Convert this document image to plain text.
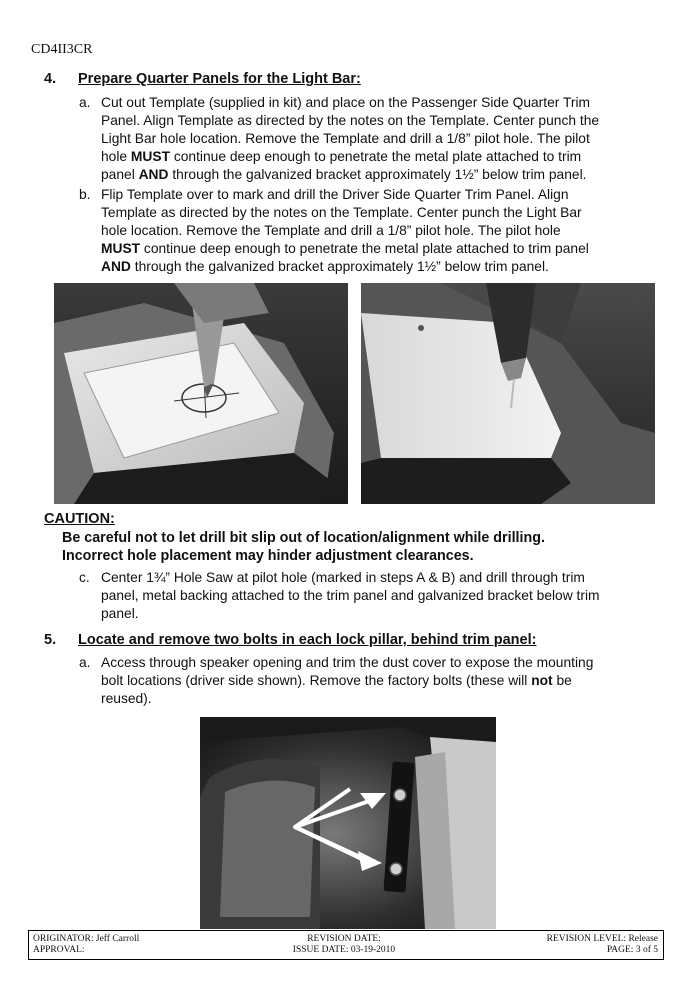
CD4II3CR
4. Prepare Quarter Panels for the Light Bar:
a. Cut out Template (supplied in kit) and place on the Passenger Side Quarter Trim
Panel. Align Template as directed by the notes on the Template. Center punch the
Light Bar hole location. Remove the Template and drill a 1/8” pilot hole. The pilot
hole MUST continue deep enough to penetrate the metal plate attached to trim
panel AND through the galvanized bracket approximately 1½” below trim panel.
b. Flip Template over to mark and drill the Driver Side Quarter Trim Panel. Align
Template as directed by the notes on the Template. Center punch the Light Bar
hole location. Remove the Template and drill a 1/8” pilot hole. The pilot hole
MUST continue deep enough to penetrate the metal plate attached to trim panel
AND through the galvanized bracket approximately 1½” below trim panel.
CAUTION:
Be careful not to let drill bit slip out of location/alignment while drilling.
Incorrect hole placement may hinder adjustment clearances.
c. Center 1¾” Hole Saw at pilot hole (marked in steps A & B) and drill through trim
panel, metal backing attached to the trim panel and galvanized bracket below trim
panel.
5. Locate and remove two bolts in each lock pillar, behind trim panel:
a. Access through speaker opening and trim the dust cover to expose the mounting
bolt locations (driver side shown). Remove the factory bolts (these will not be
reused).
ORIGINATOR: Jeff Carroll
APPROVAL:
REVISION DATE:
ISSUE DATE: 03-19-2010
REVISION LEVEL: Release
PAGE: 3 of 5
